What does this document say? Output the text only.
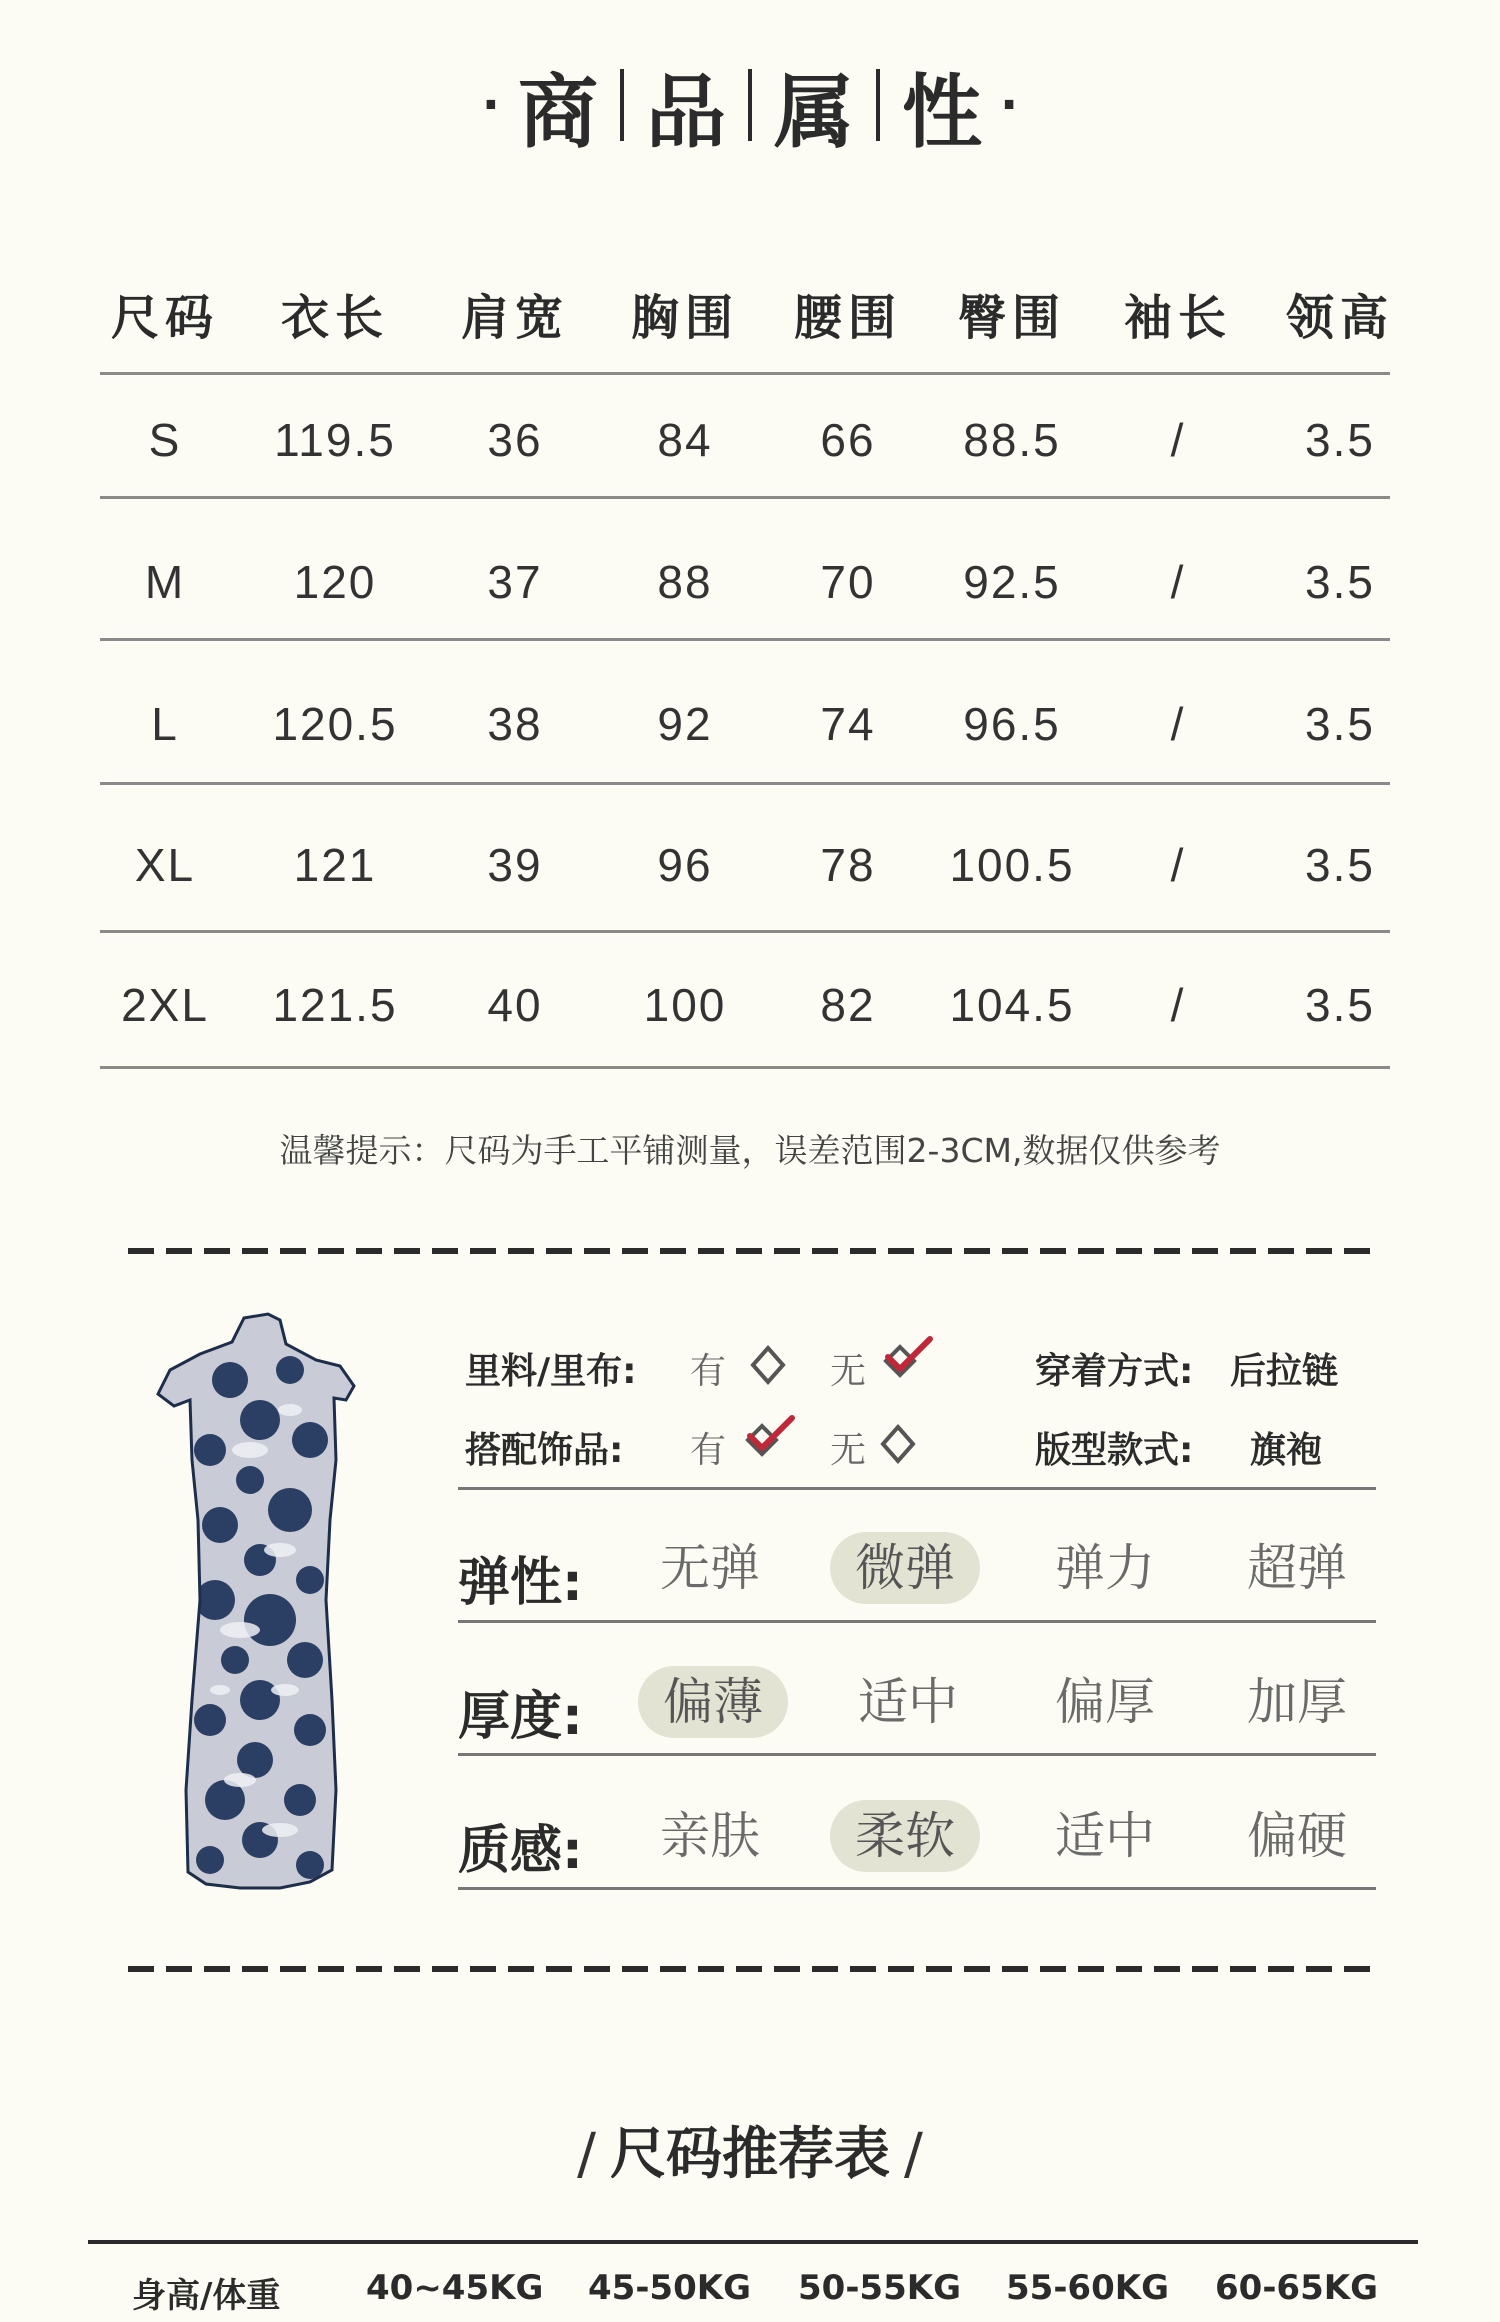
· 商 品 属 性 ·
尺码	衣长	肩宽	胸围	腰围	臀围	袖长	领高
S	119.5	36	84	66	88.5	/	3.5
M	120	37	88	70	92.5	/	3.5
L	120.5	38	92	74	96.5	/	3.5
XL	121	39	96	78	100.5	/	3.5
2XL	121.5	40	100	82	104.5	/	3.5
温馨提示：尺码为手工平铺测量，误差范围2-3CM,数据仅供参考
里料/里布: 有	无	穿着方式: 后拉链
搭配饰品: 有	无	版型款式: 旗袍
弹性:	无弹	微弹	弹力	超弹
厚度:	偏薄	适中	偏厚	加厚
质感:	亲肤	柔软	适中	偏硬
/ 尺码推荐表 /
身高/体重	40~45KG 45-50KG 50-55KG 55-60KG 60-65KG
